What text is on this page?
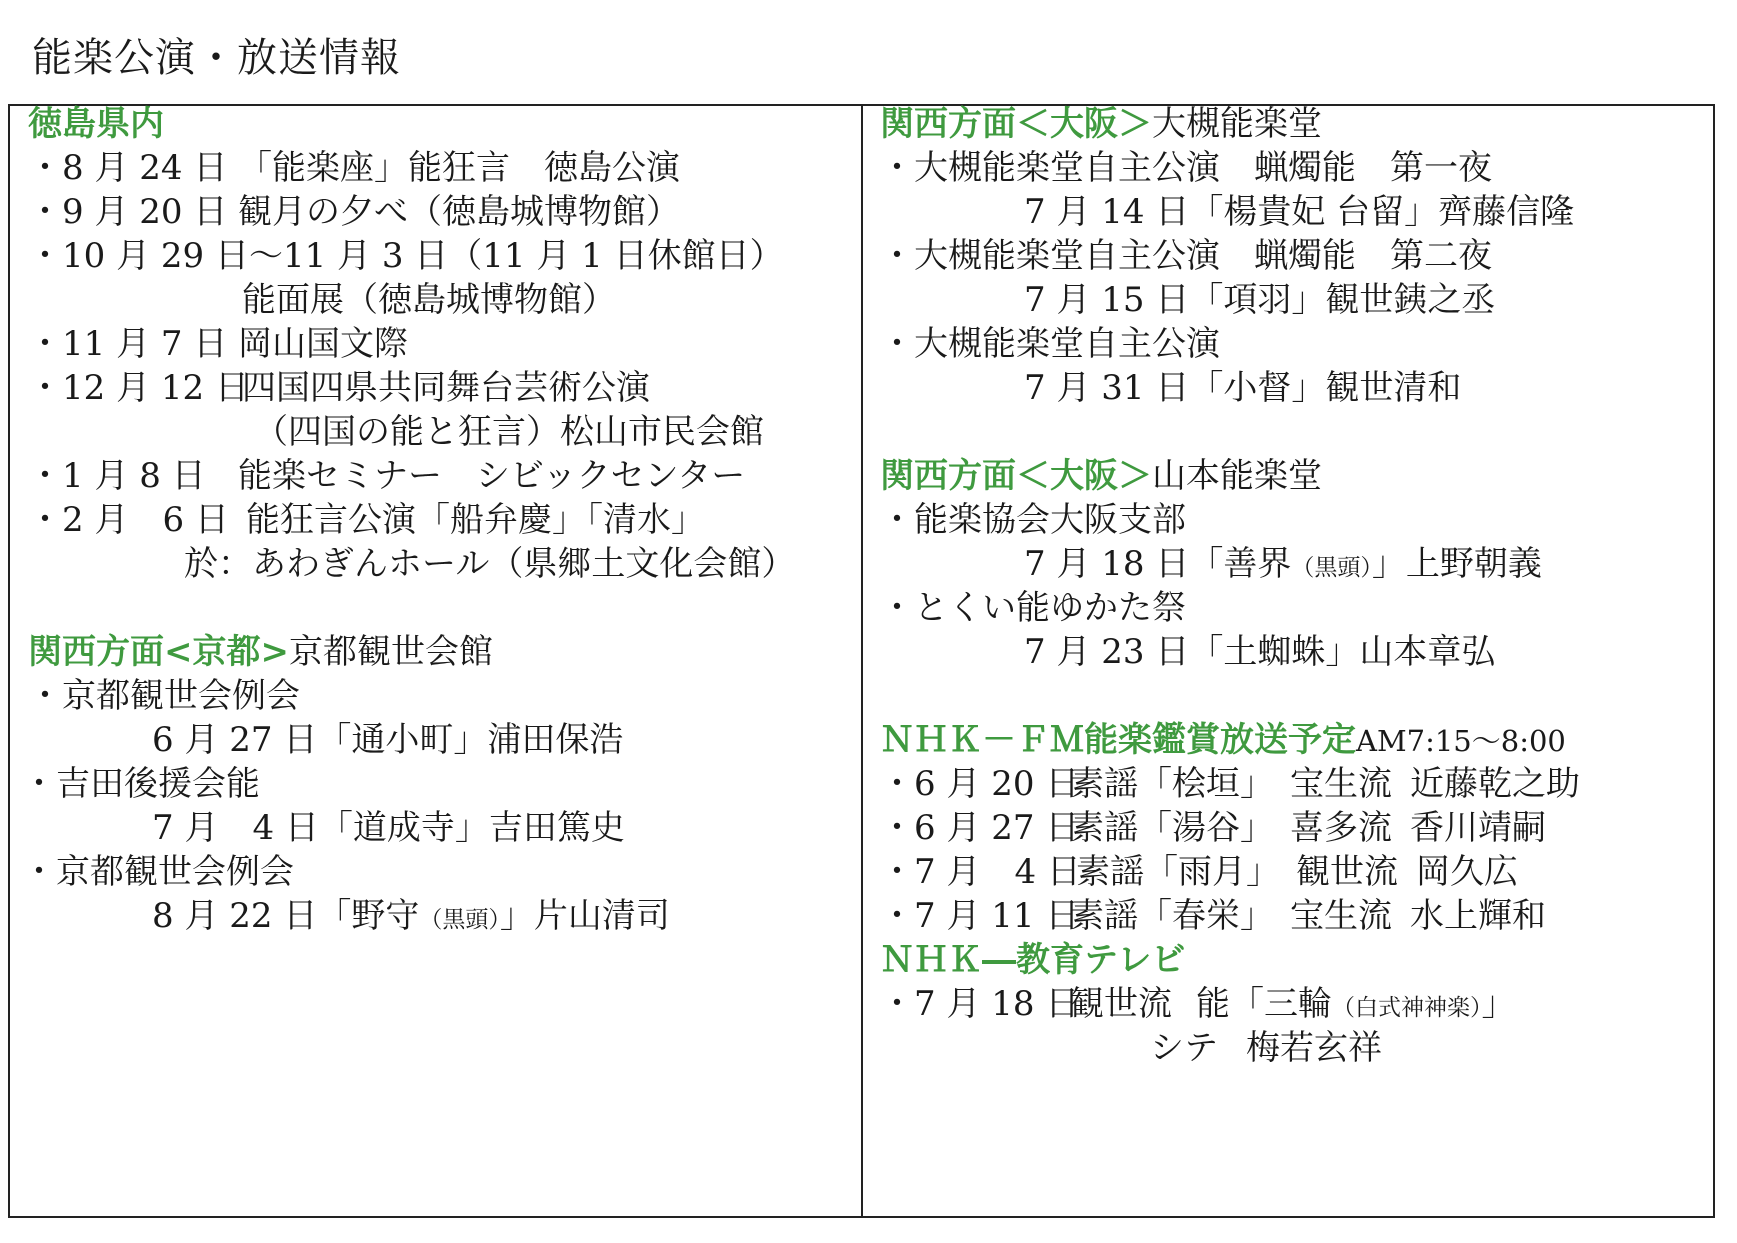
能楽公演・放送情報
徳島県内
・8 月 24 日 「能楽座」能狂言　徳島公演
・9 月 20 日 観月の夕べ（徳島城博物館）
・10 月 29 日～11 月 3 日（11 月 1 日休館日）
能面展（徳島城博物館）
・11 月 7 日 岡山国文際
・12 月 12 日四国四県共同舞台芸術公演
（四国の能と狂言）松山市民会館
・1 月 8 日 能楽セミナー　シビックセンター
・2 月　6 日 能狂言公演「船弁慶」「清水」
於：あわぎんホール（県郷土文化会館）
関西方面<京都>京都観世会館
・京都観世会例会
6 月 27 日「通小町」浦田保浩
・吉田後援会能
7 月　4 日「道成寺」吉田篤史
・京都観世会例会
8 月 22 日「野守（黒頭）」片山清司
関西方面＜大阪＞大槻能楽堂
・大槻能楽堂自主公演　蝋燭能　第一夜
7 月 14 日「楊貴妃 台留」齊藤信隆
・大槻能楽堂自主公演　蝋燭能　第二夜
7 月 15 日「項羽」観世銕之丞
・大槻能楽堂自主公演
7 月 31 日「小督」観世清和
関西方面＜大阪＞山本能楽堂
・能楽協会大阪支部
7 月 18 日「善界（黒頭）」上野朝義
・とくい能ゆかた祭
7 月 23 日「土蜘蛛」山本章弘
ＮＨＫ－ＦＭ能楽鑑賞放送予定AM7:15～8:00
・6 月 20 日素謡「桧垣」 宝生流 近藤乾之助
・6 月 27 日素謡「湯谷」 喜多流 香川靖嗣
・7 月　4 日素謡「雨月」 観世流 岡久広
・7 月 11 日素謡「春栄」 宝生流 水上輝和
ＮＨＫ―教育テレビ
・7 月 18 日観世流 能「三輪（白式神神楽）」
シテ 梅若玄祥
